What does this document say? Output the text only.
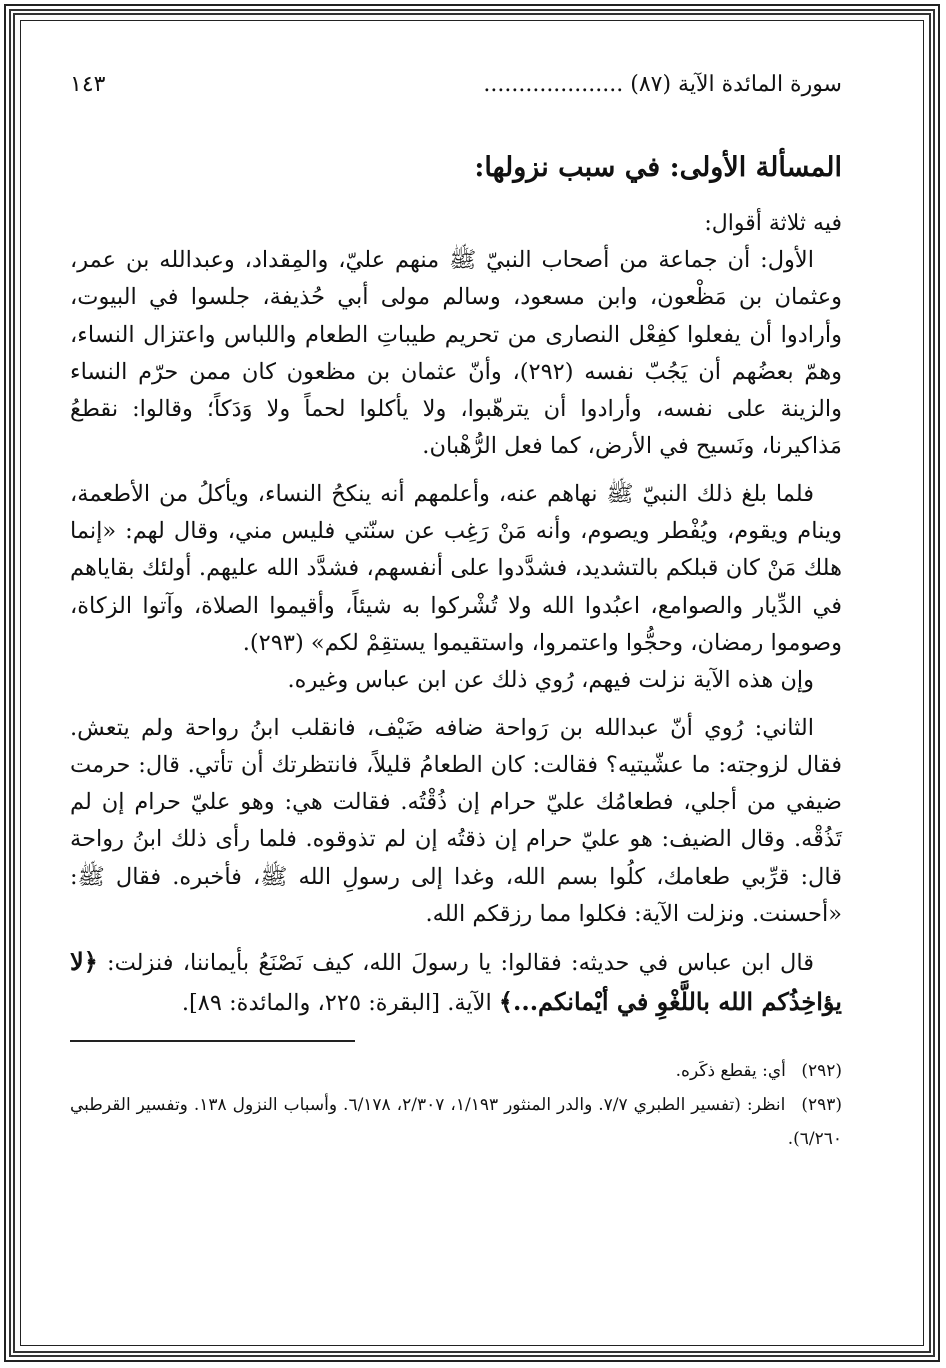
سورة المائدة الآية (٨٧) ....................
١٤٣
المسألة الأولى: في سبب نزولها:
فيه ثلاثة أقوال:

الأول: أن جماعة من أصحاب النبيّ ﷺ منهم عليّ، والمِقداد، وعبدالله بن عمر، وعثمان بن مَظْعون، وابن مسعود، وسالم مولى أبي حُذيفة، جلسوا في البيوت، وأرادوا أن يفعلوا كفِعْل النصارى من تحريم طيباتِ الطعام واللباس واعتزال النساء، وهمّ بعضُهم أن يَجُبّ نفسه (٢٩٢)، وأنّ عثمان بن مظعون كان ممن حرّم النساء والزينة على نفسه، وأرادوا أن يترهّبوا، ولا يأكلوا لحماً ولا وَدَكاً؛ وقالوا: نقطعُ مَذاكيرنا، ونَسيح في الأرض، كما فعل الرُّهْبان.

فلما بلغ ذلك النبيّ ﷺ نهاهم عنه، وأعلمهم أنه ينكحُ النساء، ويأكلُ من الأطعمة، وينام ويقوم، ويُفْطر ويصوم، وأنه مَنْ رَغِب عن سنّتي فليس مني، وقال لهم: «إنما هلك مَنْ كان قبلكم بالتشديد، فشدَّدوا على أنفسهم، فشدَّد الله عليهم. أولئك بقاياهم في الدِّيار والصوامع، اعبُدوا الله ولا تُشْركوا به شيئاً، وأقيموا الصلاة، وآتوا الزكاة، وصوموا رمضان، وحجُّوا واعتمروا، واستقيموا يستقِمْ لكم» (٢٩٣).

وإن هذه الآية نزلت فيهم، رُوي ذلك عن ابن عباس وغيره.

الثاني: رُوي أنّ عبدالله بن رَواحة ضافه ضَيْف، فانقلب ابنُ رواحة ولم يتعش. فقال لزوجته: ما عشّيتيه؟ فقالت: كان الطعامُ قليلاً، فانتظرتك أن تأتي. قال: حرمت ضيفي من أجلي، فطعامُك عليّ حرام إن ذُقْتُه. فقالت هي: وهو عليّ حرام إن لم تَذُقْه. وقال الضيف: هو عليّ حرام إن ذقتُه إن لم تذوقوه. فلما رأى ذلك ابنُ رواحة قال: قرِّبي طعامك، كلُوا بسم الله، وغدا إلى رسولِ الله ﷺ، فأخبره. فقال ﷺ: «أحسنت. ونزلت الآية: فكلوا مما رزقكم الله.

قال ابن عباس في حديثه: فقالوا: يا رسولَ الله، كيف نَصْنَعُ بأيماننا، فنزلت: ﴿لا يؤاخِذُكم الله باللَّغْوِ في أيْمانكم...﴾ الآية. [البقرة: ٢٢٥، والمائدة: ٨٩].

(٢٩٢) أي: يقطع ذكَره.

(٢٩٣) انظر: (تفسير الطبري ٧/٧. والدر المنثور ١/١٩٣، ٢/٣٠٧، ٦/١٧٨. وأسباب النزول ١٣٨. وتفسير القرطبي ٦/٢٦٠).
